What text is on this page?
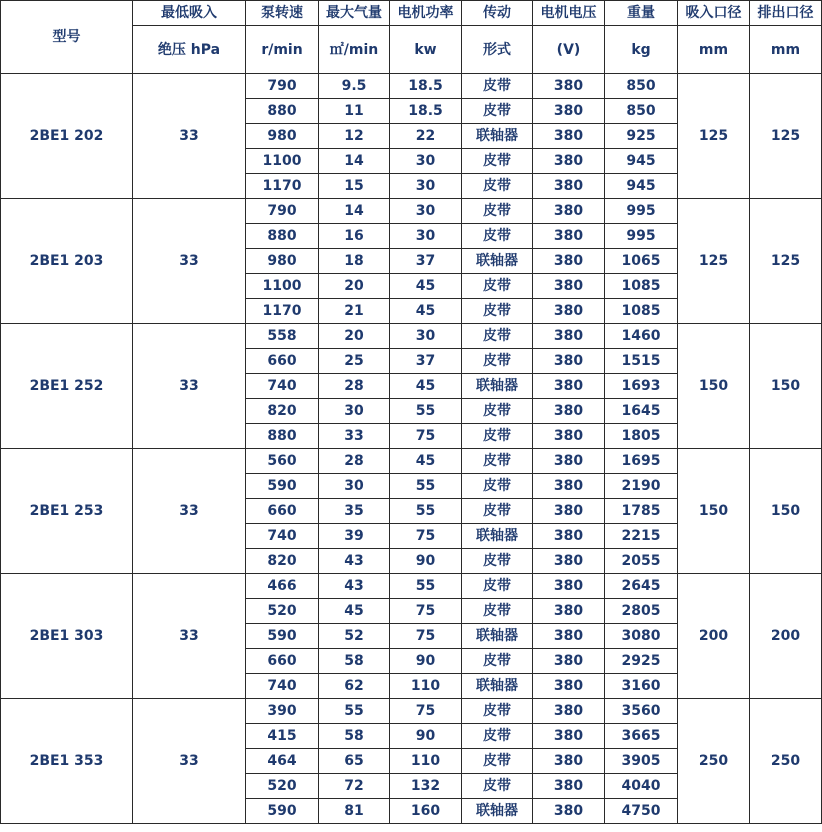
型号	最低吸入	泵转速	最大气量	电机功率	传动	电机电压	重量	吸入口径	排出口径
	绝压 hPa	r/min	㎡/min	kw	形式	(V)	kg	mm	mm
2BE1 202	33	790	9.5	18.5	皮带	380	850	125	125
		880	11	18.5	皮带	380	850		
		980	12	22	联轴器	380	925		
		1100	14	30	皮带	380	945		
		1170	15	30	皮带	380	945		
2BE1 203	33	790	14	30	皮带	380	995	125	125
		880	16	30	皮带	380	995		
		980	18	37	联轴器	380	1065		
		1100	20	45	皮带	380	1085		
		1170	21	45	皮带	380	1085		
2BE1 252	33	558	20	30	皮带	380	1460	150	150
		660	25	37	皮带	380	1515		
		740	28	45	联轴器	380	1693		
		820	30	55	皮带	380	1645		
		880	33	75	皮带	380	1805		
2BE1 253	33	560	28	45	皮带	380	1695	150	150
		590	30	55	皮带	380	2190		
		660	35	55	皮带	380	1785		
		740	39	75	联轴器	380	2215		
		820	43	90	皮带	380	2055		
2BE1 303	33	466	43	55	皮带	380	2645	200	200
		520	45	75	皮带	380	2805		
		590	52	75	联轴器	380	3080		
		660	58	90	皮带	380	2925		
		740	62	110	联轴器	380	3160		
2BE1 353	33	390	55	75	皮带	380	3560	250	250
		415	58	90	皮带	380	3665		
		464	65	110	皮带	380	3905		
		520	72	132	皮带	380	4040		
		590	81	160	联轴器	380	4750		
